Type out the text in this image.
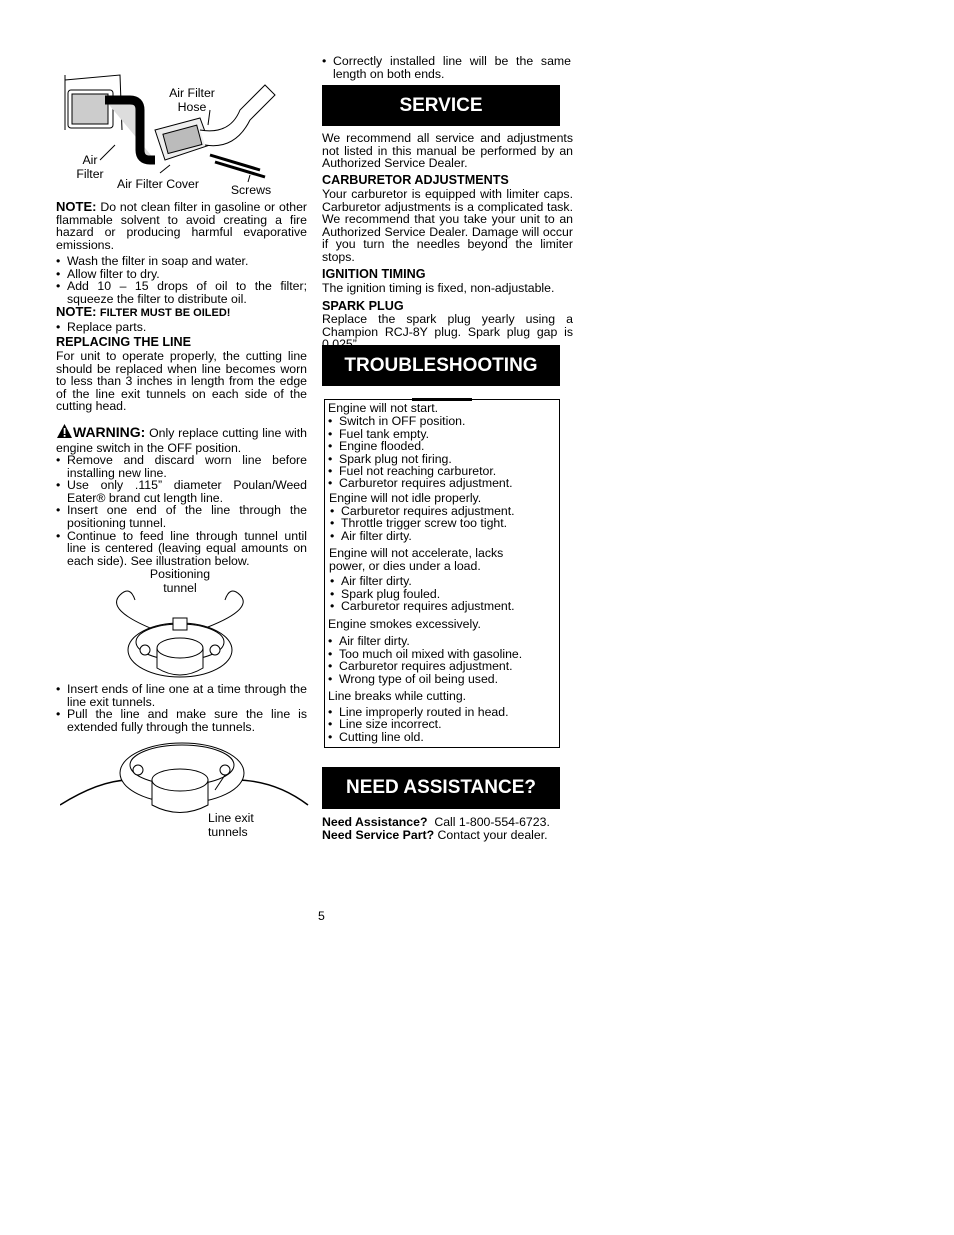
Air Filter
Hose
Air
Filter
Air Filter Cover	Screws

NOTE: Do not clean filter in gasoline or other flammable solvent to avoid creating a fire hazard or producing harmful evaporative emissions.

• Wash the filter in soap and water.

• Allow filter to dry.

• Add 10 – 15 drops of oil to the filter; squeeze the filter to distribute oil.

NOTE: FILTER MUST BE OILED!

• Replace parts.

REPLACING THE LINE

For unit to operate properly, the cutting line should be replaced when line becomes worn to less than 3 inches in length from the edge of the line exit tunnels on each side of the cutting head.

WARNING: Only replace cutting line with engine switch in the OFF position.

• Remove and discard worn line before installing new line.

• Use only .115” diameter Poulan/Weed Eater® brand cut length line.

• Insert one end of the line through the positioning tunnel.

• Continue to feed line through tunnel until line is centered (leaving equal amounts on each side). See illustration below.

Positioning
tunnel

• Insert ends of line one at a time through the line exit tunnels.

• Pull the line and make sure the line is extended fully through the tunnels.

Line exit
tunnels

• Correctly installed line will be the same length on both ends.

SERVICE

We recommend all service and adjustments not listed in this manual be performed by an Authorized Service Dealer.

CARBURETOR ADJUSTMENTS

Your carburetor is equipped with limiter caps. Carburetor adjustments is a complicated task. We recommend that you take your unit to an Authorized Service Dealer. Damage will occur if you turn the needles beyond the limiter stops.

IGNITION TIMING

The ignition timing is fixed, non-adjustable.

SPARK PLUG

Replace the spark plug yearly using a Champion RCJ-8Y plug. Spark plug gap is

TROUBLESHOOTING
Engine will not start.
• Switch in OFF position.
• Fuel tank empty.
• Engine flooded.
• Spark plug not firing.
• Fuel not reaching carburetor.
• Carburetor requires adjustment.
Engine will not idle properly.
• Carburetor requires adjustment.
• Throttle trigger screw too tight.
• Air filter dirty.
Engine will not accelerate, lacks
power, or dies under a load.
• Air filter dirty.
• Spark plug fouled.
• Carburetor requires adjustment.
Engine smokes excessively.
• Air filter dirty.
• Too much oil mixed with gasoline.
• Carburetor requires adjustment.
• Wrong type of oil being used.
Line breaks while cutting.
• Line improperly routed in head.
• Line size incorrect.
• Cutting line old.
NEED ASSISTANCE?

Need Assistance? Call 1-800-554-6723.

Need Service Part? Contact your dealer.

5
